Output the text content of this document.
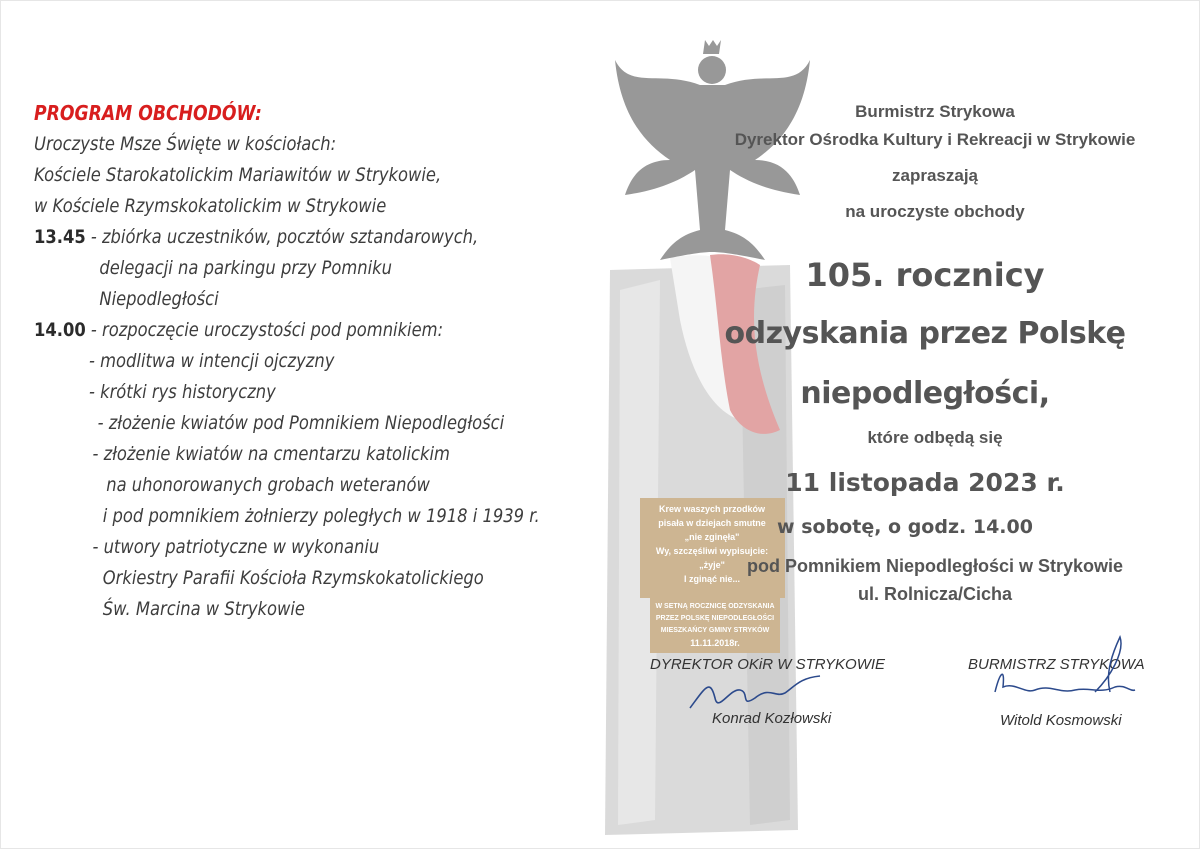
Krew waszych przodków
pisała w dziejach smutne
„nie zginęła"
Wy, szczęśliwi wypisujcie:
„żyje"
I zginąć nie...
W SETNĄ ROCZNICĘ ODZYSKANIA
PRZEZ POLSKĘ NIEPODLEGŁOŚCI
MIESZKAŃCY GMINY STRYKÓW
11.11.2018r.
PROGRAM OBCHODÓW:
Uroczyste Msze Święte w kościołach:
Kościele Starokatolickim Mariawitów w Strykowie,
w Kościele Rzymskokatolickim w Strykowie
13.45 - zbiórka uczestników, pocztów sztandarowych,
delegacji na parkingu przy Pomniku
Niepodległości
14.00 - rozpoczęcie uroczystości pod pomnikiem:
- modlitwa w intencji ojczyzny
- krótki rys historyczny
- złożenie kwiatów pod Pomnikiem Niepodległości
- złożenie kwiatów na cmentarzu katolickim
na uhonorowanych grobach weteranów
i pod pomnikiem żołnierzy poległych w 1918 i 1939 r.
- utwory patriotyczne w wykonaniu
Orkiestry Parafii Kościoła Rzymskokatolickiego
Św. Marcina w Strykowie
Burmistrz Strykowa
Dyrektor Ośrodka Kultury i Rekreacji w Strykowie
zapraszają
na uroczyste obchody
105. rocznicy
odzyskania przez Polskę
niepodległości,
które odbędą się
11 listopada 2023 r.
w sobotę, o godz. 14.00
pod Pomnikiem Niepodległości w Strykowie
ul. Rolnicza/Cicha
DYREKTOR OKiR W STRYKOWIE
Konrad Kozłowski
BURMISTRZ STRYKOWA
Witold Kosmowski
